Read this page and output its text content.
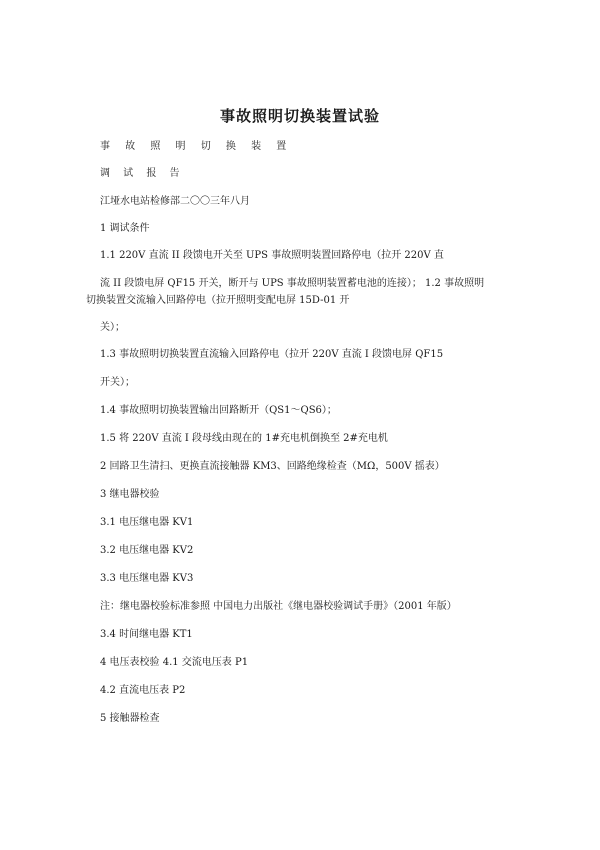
事故照明切换装置试验

事 故 照 明 切 换 装 置

调 试 报 告

江垭水电站检修部二〇〇三年八月

1 调试条件

1.1 220V 直流 II 段馈电开关至 UPS 事故照明装置回路停电（拉开 220V 直

流 II 段馈电屏 QF15 开关，断开与 UPS 事故照明装置蓄电池的连接）； 1.2 事故照明

切换装置交流输入回路停电（拉开照明变配电屏 15D-01 开

关）；

1.3 事故照明切换装置直流输入回路停电（拉开 220V 直流 I 段馈电屏 QF15

开关）；

1.4 事故照明切换装置输出回路断开（QS1～QS6）；

1.5 将 220V 直流 I 段母线由现在的 1#充电机倒换至 2#充电机

2 回路卫生清扫、更换直流接触器 KM3、回路绝缘检查（MΩ，500V 摇表）

3 继电器校验

3.1 电压继电器 KV1

3.2 电压继电器 KV2

3.3 电压继电器 KV3

注：继电器校验标准参照 中国电力出版社《继电器校验调试手册》（2001 年版）

3.4 时间继电器 KT1

4 电压表校验 4.1 交流电压表 P1

4.2 直流电压表 P2

5 接触器检查
